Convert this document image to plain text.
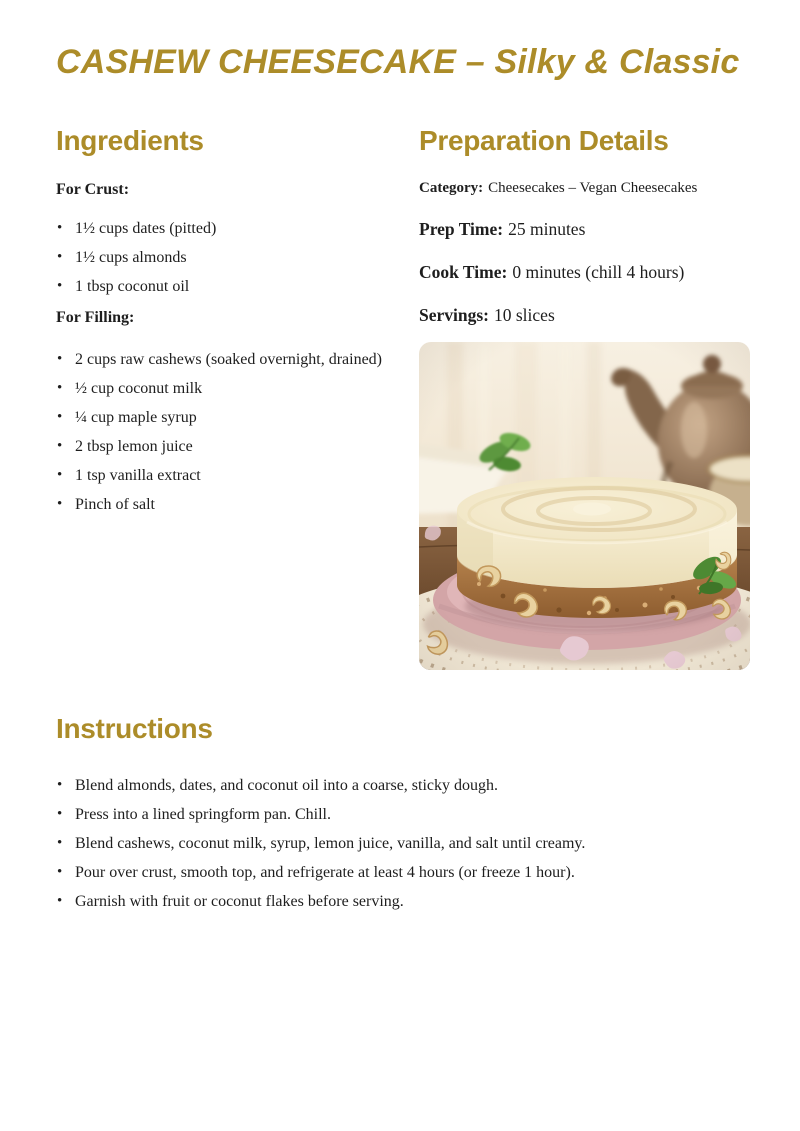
CASHEW CHEESECAKE – Silky & Classic
Ingredients
For Crust:
• 1½ cups dates (pitted)
• 1½ cups almonds
• 1 tbsp coconut oil
For Filling:
• 2 cups raw cashews (soaked overnight, drained)
• ½ cup coconut milk
• ¼ cup maple syrup
• 2 tbsp lemon juice
• 1 tsp vanilla extract
• Pinch of salt
Preparation Details
Category: Cheesecakes – Vegan Cheesecakes
Prep Time: 25 minutes
Cook Time: 0 minutes (chill 4 hours)
Servings: 10 slices
Instructions
• Blend almonds, dates, and coconut oil into a coarse, sticky dough.
• Press into a lined springform pan. Chill.
• Blend cashews, coconut milk, syrup, lemon juice, vanilla, and salt until creamy.
• Pour over crust, smooth top, and refrigerate at least 4 hours (or freeze 1 hour).
• Garnish with fruit or coconut flakes before serving.
